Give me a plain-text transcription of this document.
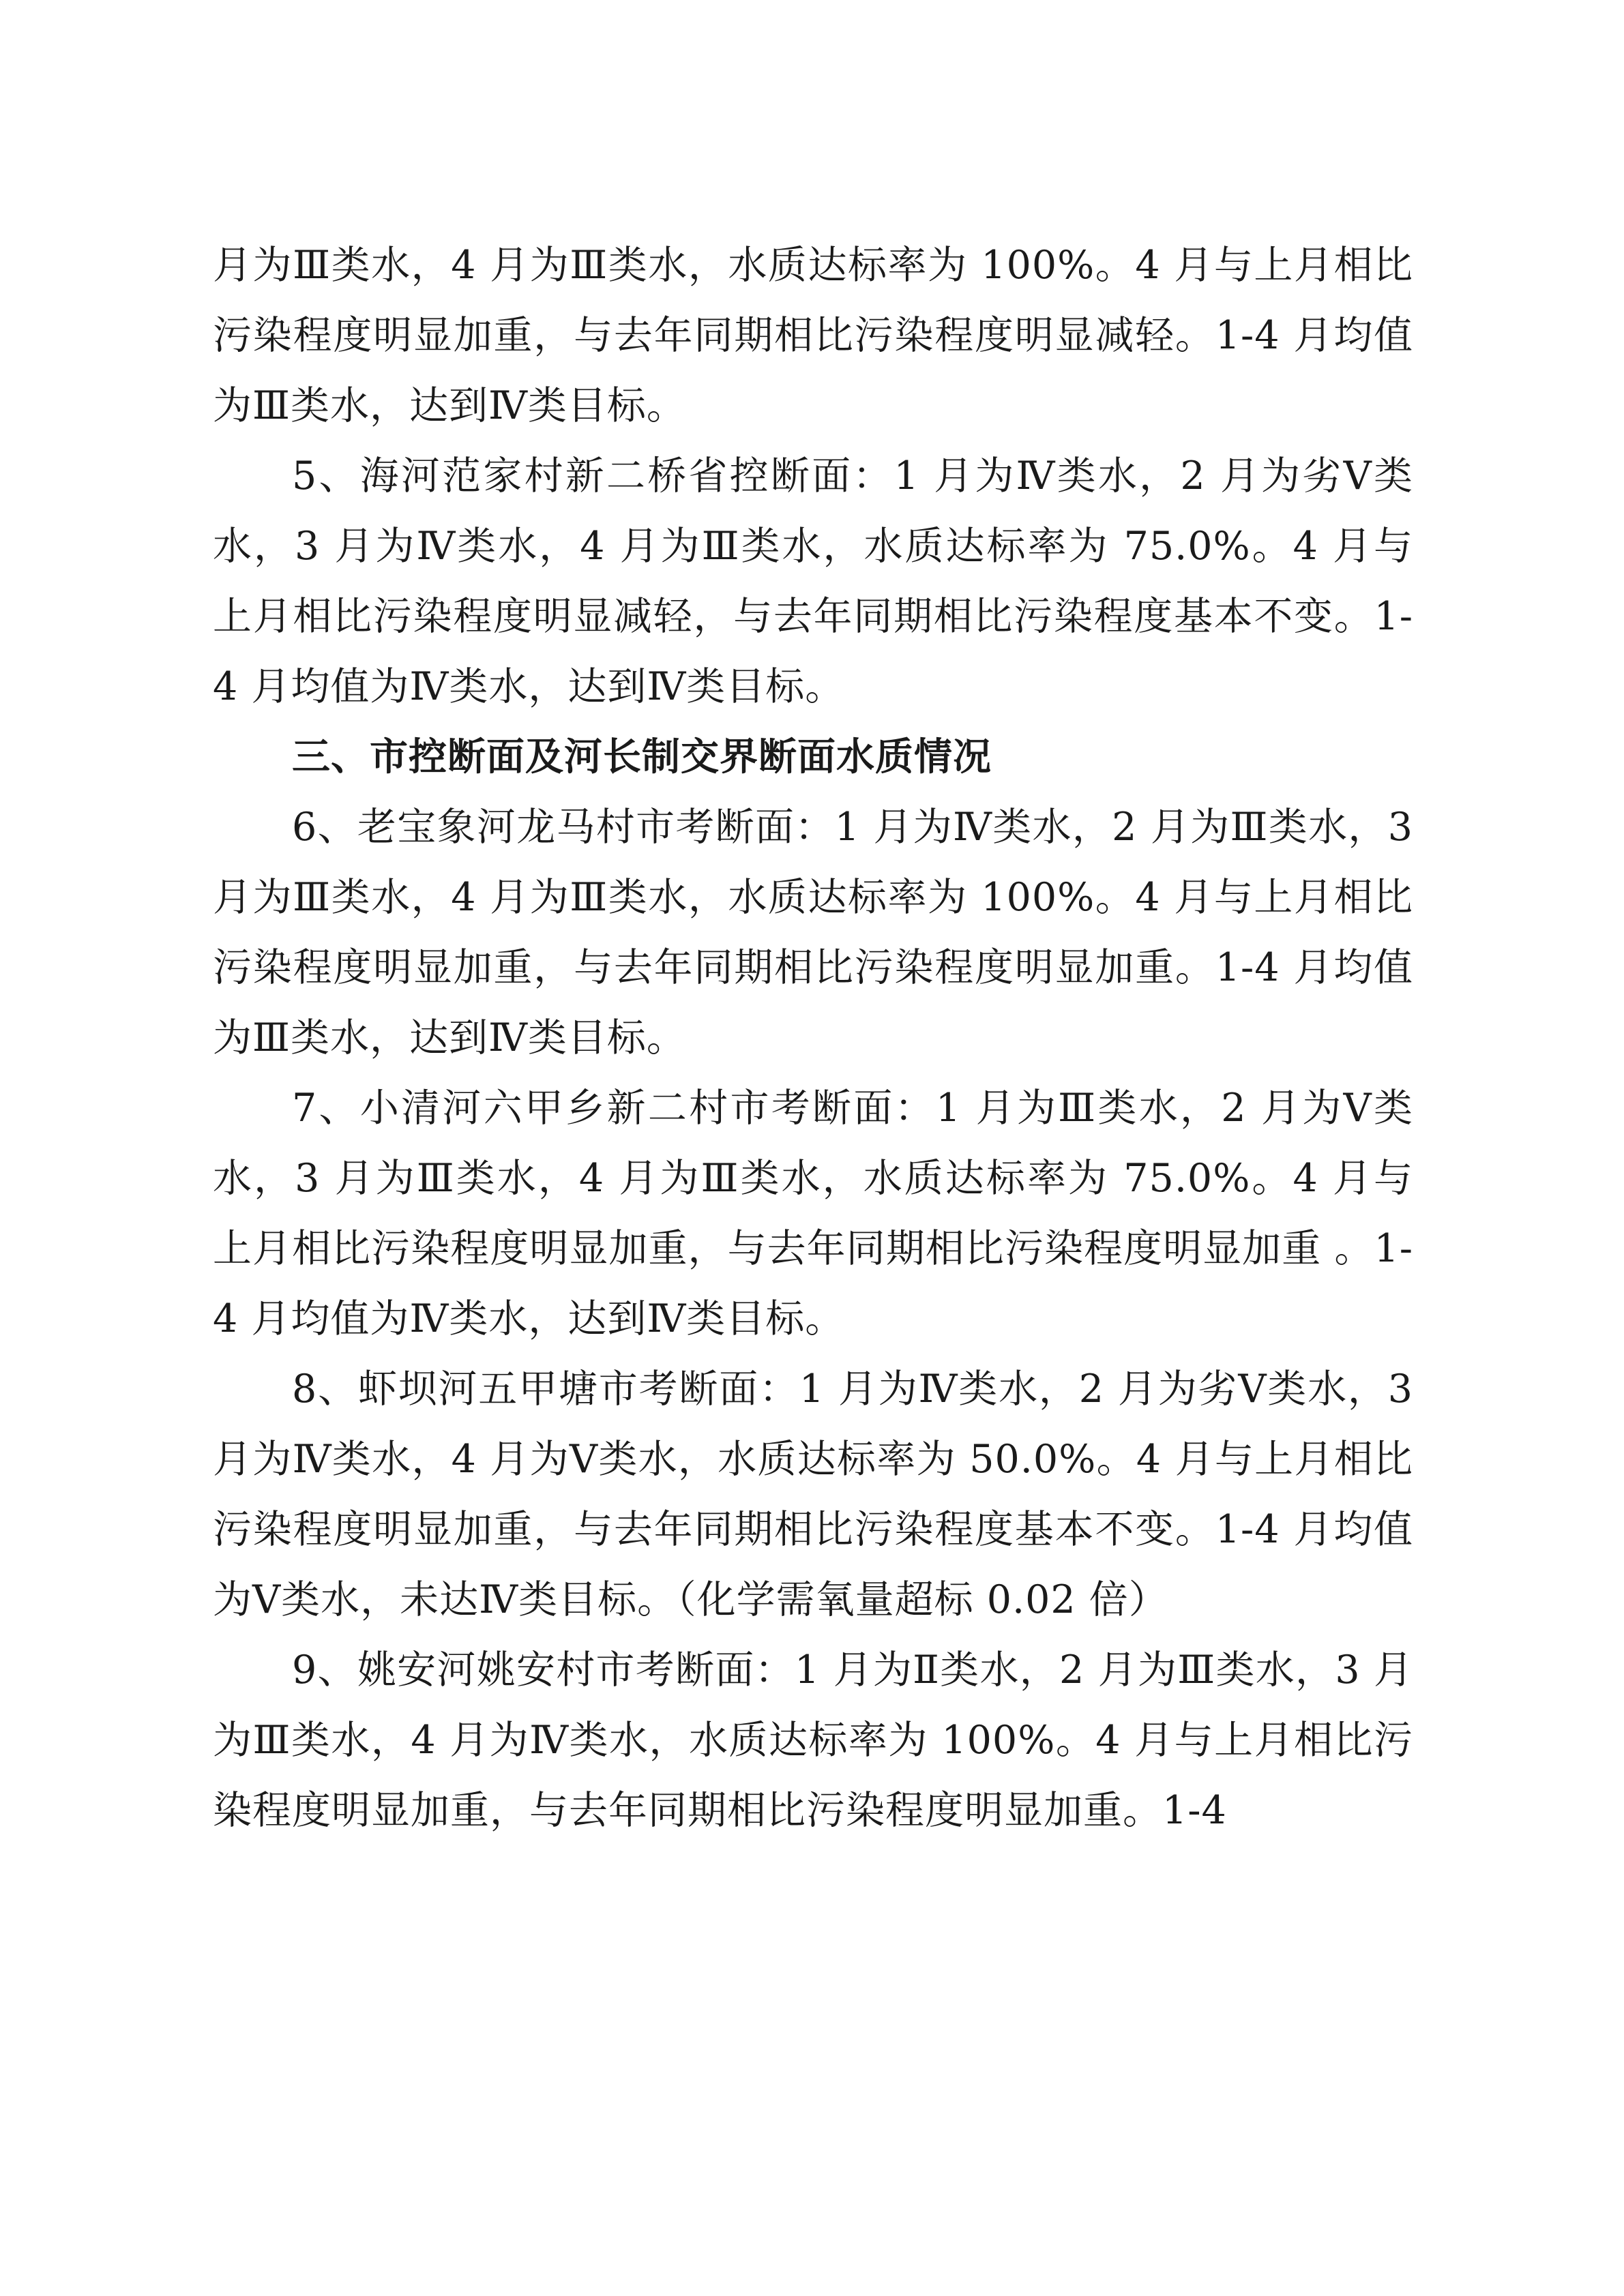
月为Ⅲ类水，4 月为Ⅲ类水，水质达标率为 100%。4 月与上月相比污染程度明显加重，与去年同期相比污染程度明显减轻。1-4 月均值为Ⅲ类水，达到Ⅳ类目标。

5、海河范家村新二桥省控断面：1 月为Ⅳ类水，2 月为劣Ⅴ类水，3 月为Ⅳ类水，4 月为Ⅲ类水，水质达标率为 75.0%。4 月与上月相比污染程度明显减轻，与去年同期相比污染程度基本不变。1-4 月均值为Ⅳ类水，达到Ⅳ类目标。

三、市控断面及河长制交界断面水质情况

6、老宝象河龙马村市考断面：1 月为Ⅳ类水，2 月为Ⅲ类水，3 月为Ⅲ类水，4 月为Ⅲ类水，水质达标率为 100%。4 月与上月相比污染程度明显加重，与去年同期相比污染程度明显加重。1-4 月均值为Ⅲ类水，达到Ⅳ类目标。

7、小清河六甲乡新二村市考断面：1 月为Ⅲ类水，2 月为Ⅴ类水，3 月为Ⅲ类水，4 月为Ⅲ类水，水质达标率为 75.0%。4 月与上月相比污染程度明显加重，与去年同期相比污染程度明显加重 。1-4 月均值为Ⅳ类水，达到Ⅳ类目标。

8、虾坝河五甲塘市考断面：1 月为Ⅳ类水，2 月为劣Ⅴ类水，3 月为Ⅳ类水，4 月为Ⅴ类水，水质达标率为 50.0%。4 月与上月相比污染程度明显加重，与去年同期相比污染程度基本不变。1-4 月均值为Ⅴ类水，未达Ⅳ类目标。（化学需氧量超标 0.02 倍）

9、姚安河姚安村市考断面：1 月为Ⅱ类水，2 月为Ⅲ类水，3 月为Ⅲ类水，4 月为Ⅳ类水，水质达标率为 100%。4 月与上月相比污染程度明显加重，与去年同期相比污染程度明显加重。1-4
